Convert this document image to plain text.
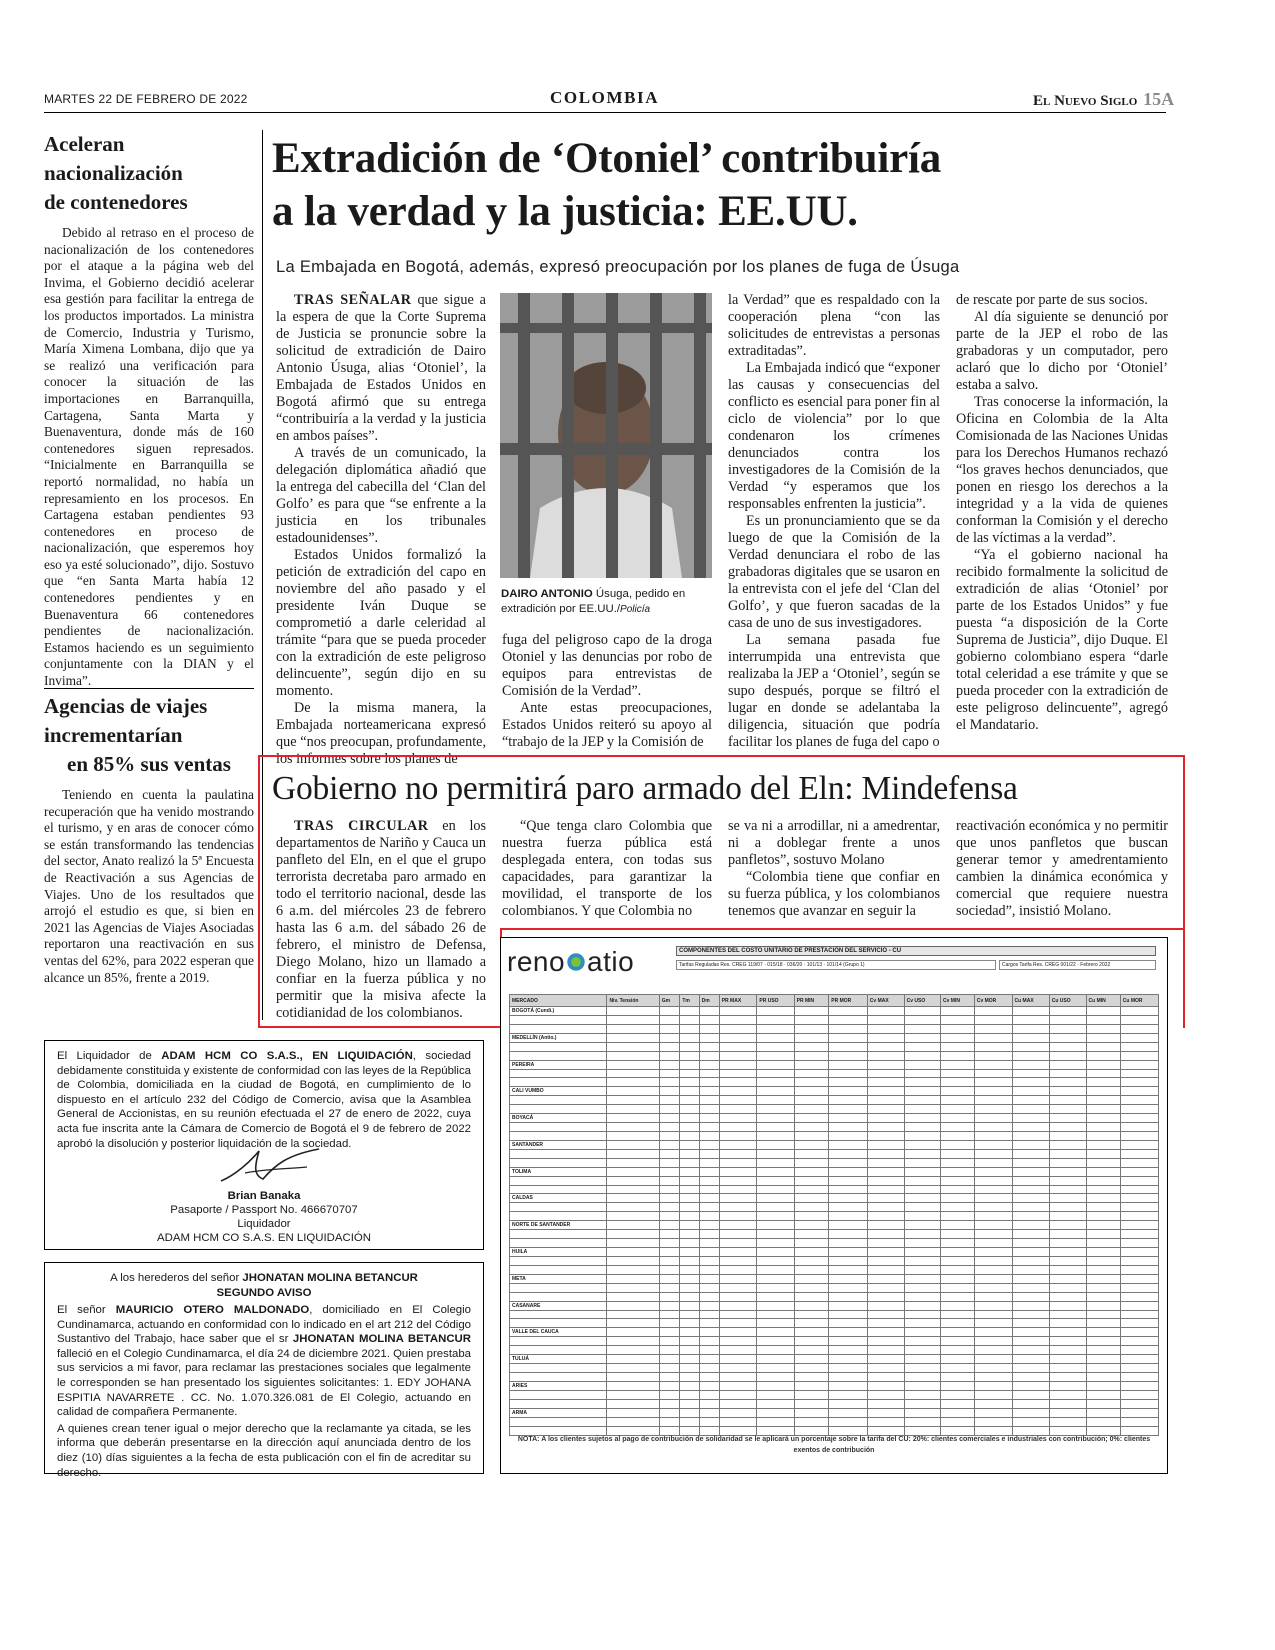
MARTES 22 DE FEBRERO DE 2022	COLOMBIA	El Nuevo Siglo 15A
Aceleran
nacionalización
de contenedores

Debido al retraso en el proceso de nacionalización de los contenedores por el ataque a la página web del Invima, el Gobierno decidió acelerar esa gestión para facilitar la entrega de los productos importados. La ministra de Comercio, Industria y Turismo, María Ximena Lombana, dijo que ya se realizó una verificación para conocer la situación de las importaciones en Barranquilla, Cartagena, Santa Marta y Buenaventura, donde más de 160 contenedores siguen represados. “Inicialmente en Barranquilla se reportó normalidad, no había un represamiento en los procesos. En Cartagena estaban pendientes 93 contenedores en proceso de nacionalización, que esperemos hoy eso ya esté solucionado”, dijo. Sostuvo que “en Santa Marta había 12 contenedores pendientes y en Buenaventura 66 contenedores pendientes de nacionalización. Estamos haciendo es un seguimiento conjuntamente con la DIAN y el Invima”.

Agencias de viajes
incrementarían
en 85% sus ventas

Teniendo en cuenta la paulatina recuperación que ha venido mostrando el turismo, y en aras de conocer cómo se están transformando las tendencias del sector, Anato realizó la 5ª Encuesta de Reactivación a sus Agencias de Viajes. Uno de los resultados que arrojó el estudio es que, si bien en 2021 las Agencias de Viajes Asociadas reportaron una reactivación en sus ventas del 62%, para 2022 esperan que alcance un 85%, frente a 2019.

Extradición de ‘Otoniel’ contribuiría
a la verdad y la justicia: EE.UU.
La Embajada en Bogotá, además, expresó preocupación por los planes de fuga de Úsuga

TRAS SEÑALAR que sigue a la espera de que la Corte Suprema de Justicia se pronuncie sobre la solicitud de extradición de Dairo Antonio Úsuga, alias ‘Otoniel’, la Embajada de Estados Unidos en Bogotá afirmó que su entrega “contribuiría a la verdad y la justicia en ambos países”.

A través de un comunicado, la delegación diplomática añadió que la entrega del cabecilla del ‘Clan del Golfo’ es para que “se enfrente a la justicia en los tribunales estadounidenses”.

Estados Unidos formalizó la petición de extradición del capo en noviembre del año pasado y el presidente Iván Duque se comprometió a darle celeridad al trámite “para que se pueda proceder con la extradición de este peligroso delincuente”, según dijo en su momento.

De la misma manera, la Embajada norteamericana expresó que “nos preocupan, profundamente, los informes sobre los planes de

DAIRO ANTONIO Úsuga, pedido en extradición por EE.UU./Policía

fuga del peligroso capo de la droga Otoniel y las denuncias por robo de equipos para entrevistas de Comisión de la Verdad”.

Ante estas preocupaciones, Estados Unidos reiteró su apoyo al “trabajo de la JEP y la Comisión de

la Verdad” que es respaldado con la cooperación plena “con las solicitudes de entrevistas a personas extraditadas”.

La Embajada indicó que “exponer las causas y consecuencias del conflicto es esencial para poner fin al ciclo de violencia” por lo que condenaron los crímenes denunciados contra los investigadores de la Comisión de la Verdad “y esperamos que los responsables enfrenten la justicia”.

Es un pronunciamiento que se da luego de que la Comisión de la Verdad denunciara el robo de las grabadoras digitales que se usaron en la entrevista con el jefe del ‘Clan del Golfo’, y que fueron sacadas de la casa de uno de sus investigadores.

La semana pasada fue interrumpida una entrevista que realizaba la JEP a ‘Otoniel’, según se supo después, porque se filtró el lugar en donde se adelantaba la diligencia, situación que podría facilitar los planes de fuga del capo o

de rescate por parte de sus socios.

Al día siguiente se denunció por parte de la JEP el robo de las grabadoras y un computador, pero aclaró que lo dicho por ‘Otoniel’ estaba a salvo.

Tras conocerse la información, la Oficina en Colombia de la Alta Comisionada de las Naciones Unidas para los Derechos Humanos rechazó “los graves hechos denunciados, que ponen en riesgo los derechos a la integridad y a la vida de quienes conforman la Comisión y el derecho de las víctimas a la verdad”.

“Ya el gobierno nacional ha recibido formalmente la solicitud de extradición de alias ‘Otoniel’ por parte de los Estados Unidos” y fue puesta “a disposición de la Corte Suprema de Justicia”, dijo Duque. El gobierno colombiano espera “darle total celeridad a ese trámite y que se pueda proceder con la extradición de este peligroso delincuente”, agregó el Mandatario.

Gobierno no permitirá paro armado del Eln: Mindefensa

TRAS CIRCULAR en los departamentos de Nariño y Cauca un panfleto del Eln, en el que el grupo terrorista decretaba paro armado en todo el territorio nacional, desde las 6 a.m. del miércoles 23 de febrero hasta las 6 a.m. del sábado 26 de febrero, el ministro de Defensa, Diego Molano, hizo un llamado a confiar en la fuerza pública y no permitir que la misiva afecte la cotidianidad de los colombianos.

“Que tenga claro Colombia que nuestra fuerza pública está desplegada entera, con todas sus capacidades, para garantizar la movilidad, el transporte de los colombianos. Y que Colombia no

se va ni a arrodillar, ni a amedrentar, ni a doblegar frente a unos panfletos”, sostuvo Molano

“Colombia tiene que confiar en su fuerza pública, y los colombianos tenemos que avanzar en seguir la

reactivación económica y no permitir que unos panfletos que buscan generar temor y amedrentamiento cambien la dinámica económica y comercial que requiere nuestra sociedad”, insistió Molano.

El Liquidador de ADAM HCM CO S.A.S., EN LIQUIDACIÓN, sociedad debidamente constituida y existente de conformidad con las leyes de la República de Colombia, domiciliada en la ciudad de Bogotá, en cumplimiento de lo dispuesto en el artículo 232 del Código de Comercio, avisa que la Asamblea General de Accionistas, en su reunión efectuada el 27 de enero de 2022, cuya acta fue inscrita ante la Cámara de Comercio de Bogotá el 9 de febrero de 2022 aprobó la disolución y posterior liquidación de la sociedad.

Brian Banaka
Pasaporte / Passport No. 466670707
Liquidador
ADAM HCM CO S.A.S. EN LIQUIDACIÓN
A los herederos del señor JHONATAN MOLINA BETANCUR
SEGUNDO AVISO

El señor MAURICIO OTERO MALDONADO, domiciliado en El Colegio Cundinamarca, actuando en conformidad con lo indicado en el art 212 del Código Sustantivo del Trabajo, hace saber que el sr JHONATAN MOLINA BETANCUR falleció en el Colegio Cundinamarca, el día 24 de diciembre 2021. Quien prestaba sus servicios a mi favor, para reclamar las prestaciones sociales que legalmente le corresponden se han presentado los siguientes solicitantes: 1. EDY JOHANA ESPITIA NAVARRETE . CC. No. 1.070.326.081 de El Colegio, actuando en calidad de compañera Permanente.

A quienes crean tener igual o mejor derecho que la reclamante ya citada, se les informa que deberán presentarse en la dirección aquí anunciada dentro de los diez (10) días siguientes a la fecha de esta publicación con el fin de acreditar su derecho.

reno atio	COMPONENTES DEL COSTO UNITARIO DE PRESTACIÓN DEL SERVICIO - CU
Tarifas Reguladas Res. CREG 119/07 · 015/18 · 036/20 · 101/13 · 101/14 (Grupo 1)	Cargos Tarifa Res. CREG 001/22 · Febrero 2022
MERCADO	Niv. Tensión	Gm	Tm	Dm	PR MAX	PR USO	PR MIN	PR MOR	Cv MAX	Cv USO	Cv MIN	Cv MOR	Cu MAX	Cu USO	Cu MIN	Cu MOR
BOGOTÁ (Cundi.)																

MEDELLÍN (Antio.)																

PEREIRA																

CALI VUMBO																

BOYACÁ																

SANTANDER																

TOLIMA																

CALDAS																

NORTE DE SANTANDER																

HUILA																

META																

CASANARE																

VALLE DEL CAUCA																

TULUÁ																

ARIES																

ARMA																

NOTA: A los clientes sujetos al pago de contribución de solidaridad se le aplicará un porcentaje sobre la tarifa del CU: 20%: clientes comerciales e industriales con contribución; 0%: clientes exentos de contribución
